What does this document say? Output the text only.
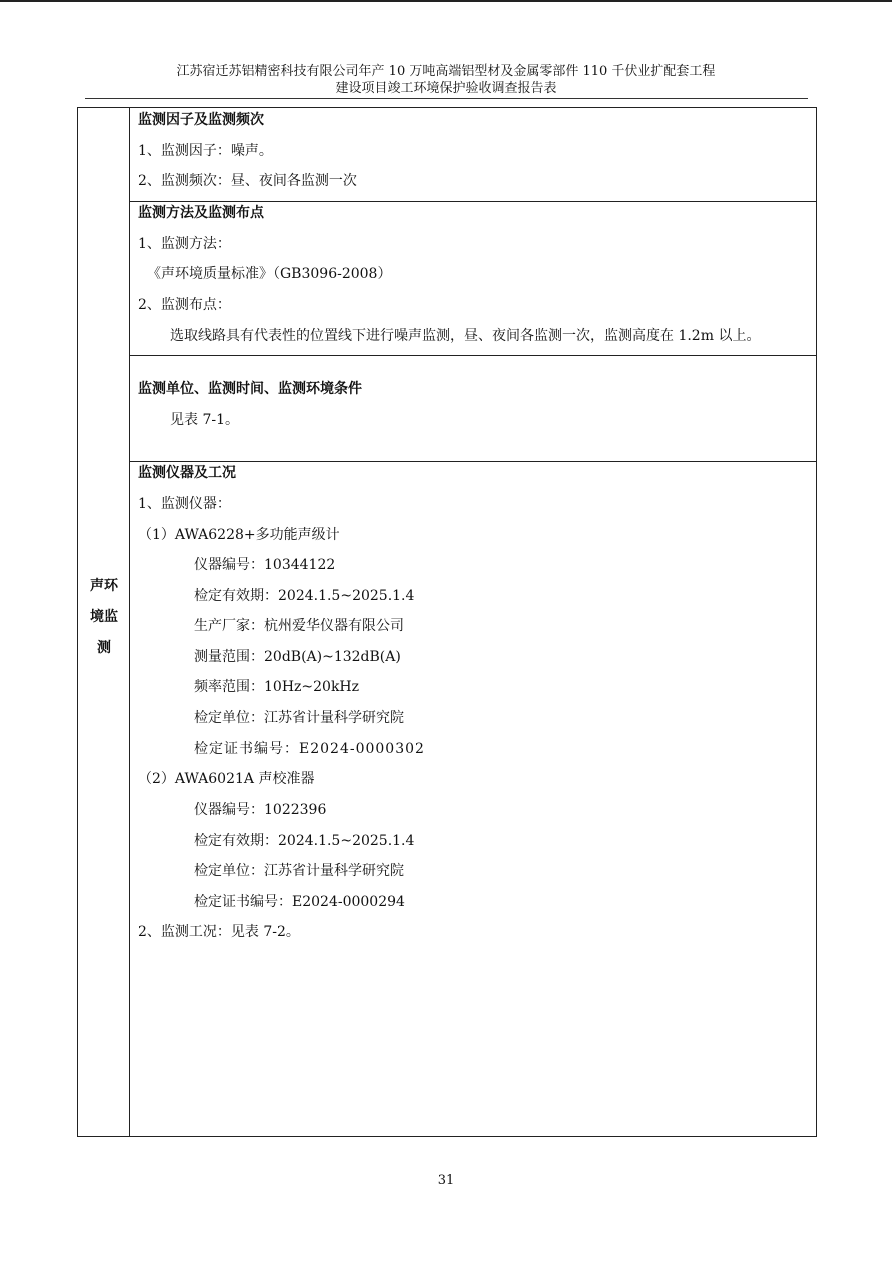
江苏宿迁苏铝精密科技有限公司年产 10 万吨高端铝型材及金属零部件 110 千伏业扩配套工程
建设项目竣工环境保护验收调查报告表
声环
境监
测
监测因子及监测频次
1、监测因子：噪声。
2、监测频次：昼、夜间各监测一次
监测方法及监测布点
1、监测方法：
《声环境质量标准》（GB3096-2008）
2、监测布点：
选取线路具有代表性的位置线下进行噪声监测，昼、夜间各监测一次，监测高度在 1.2m 以上。
监测单位、监测时间、监测环境条件
见表 7-1。
监测仪器及工况
1、监测仪器：
（1）AWA6228+多功能声级计
仪器编号：10344122
检定有效期：2024.1.5~2025.1.4
生产厂家：杭州爱华仪器有限公司
测量范围：20dB(A)~132dB(A)
频率范围：10Hz~20kHz
检定单位：江苏省计量科学研究院
检定证书编号：E2024-0000302
（2）AWA6021A 声校准器
仪器编号：1022396
检定有效期：2024.1.5~2025.1.4
检定单位：江苏省计量科学研究院
检定证书编号：E2024-0000294
2、监测工况：见表 7-2。
31
